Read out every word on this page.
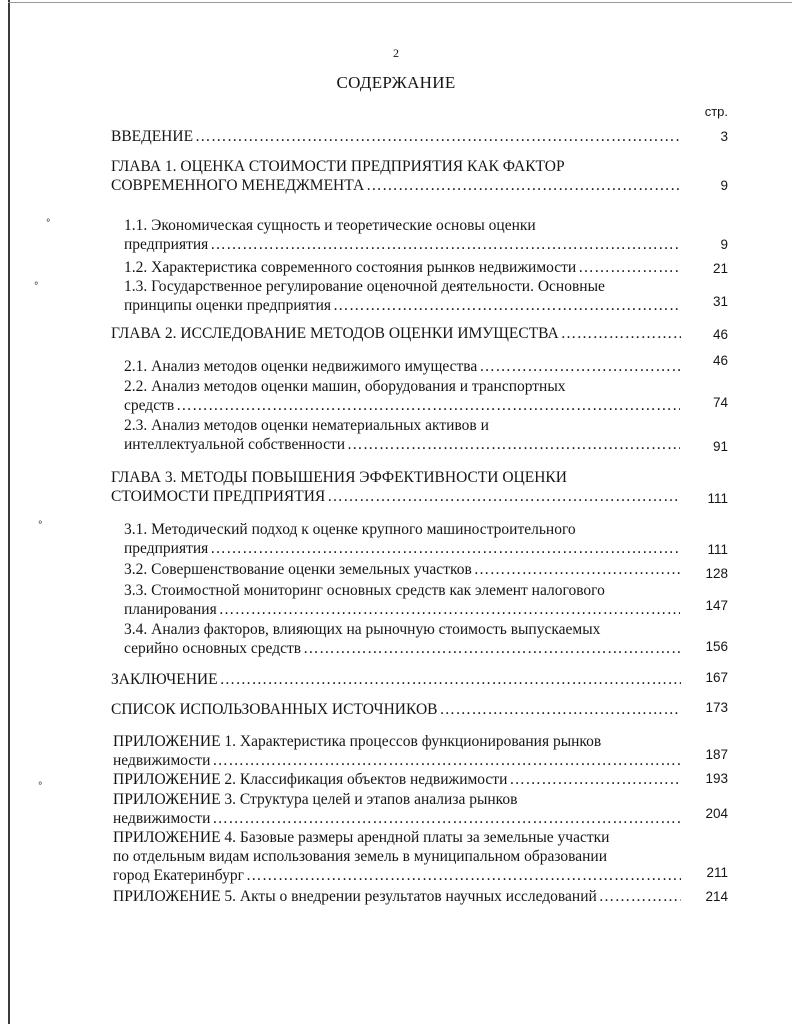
ᐤ
ᐤ
ᐤ
ᐤ
2
СОДЕРЖАНИЕ
стр.
ВВЕДЕНИЕ ……………………………………………………………………………………………………………………………………………………	3
ГЛАВА 1. ОЦЕНКА СТОИМОСТИ ПРЕДПРИЯТИЯ КАК ФАКТОР
СОВРЕМЕННОГО МЕНЕДЖМЕНТА ……………………………………………………………………………………………………………………………………………………	9
1.1. Экономическая сущность и теоретические основы оценки
предприятия ……………………………………………………………………………………………………………………………………………………	9
1.2. Характеристика современного состояния рынков недвижимости ……………………………………………………………………………………………………………………………………………………	21
1.3. Государственное регулирование оценочной деятельности. Основные
принципы оценки предприятия ……………………………………………………………………………………………………………………………………………………	31
ГЛАВА 2. ИССЛЕДОВАНИЕ МЕТОДОВ ОЦЕНКИ ИМУЩЕСТВА ……………………………………………………………………………………………………………………………………………………	46
2.1. Анализ методов оценки недвижимого имущества ……………………………………………………………………………………………………………………………………………………	46
2.2. Анализ методов оценки машин, оборудования и транспортных
средств ……………………………………………………………………………………………………………………………………………………	74
2.3. Анализ методов оценки нематериальных активов и
интеллектуальной собственности ……………………………………………………………………………………………………………………………………………………	91
ГЛАВА 3. МЕТОДЫ ПОВЫШЕНИЯ ЭФФЕКТИВНОСТИ ОЦЕНКИ
СТОИМОСТИ ПРЕДПРИЯТИЯ ……………………………………………………………………………………………………………………………………………………	111
3.1. Методический подход к оценке крупного машиностроительного
предприятия ……………………………………………………………………………………………………………………………………………………	111
3.2. Совершенствование оценки земельных участков ……………………………………………………………………………………………………………………………………………………	128
3.3. Стоимостной мониторинг основных средств как элемент налогового
планирования ……………………………………………………………………………………………………………………………………………………	147
3.4. Анализ факторов, влияющих на рыночную стоимость выпускаемых
серийно основных средств ……………………………………………………………………………………………………………………………………………………	156
ЗАКЛЮЧЕНИЕ ……………………………………………………………………………………………………………………………………………………	167
СПИСОК ИСПОЛЬЗОВАННЫХ ИСТОЧНИКОВ ……………………………………………………………………………………………………………………………………………………	173
ПРИЛОЖЕНИЕ 1. Характеристика процессов функционирования рынков
недвижимости ……………………………………………………………………………………………………………………………………………………	187
ПРИЛОЖЕНИЕ 2. Классификация объектов недвижимости ……………………………………………………………………………………………………………………………………………………	193
ПРИЛОЖЕНИЕ 3. Структура целей и этапов анализа рынков
недвижимости ……………………………………………………………………………………………………………………………………………………	204
ПРИЛОЖЕНИЕ 4. Базовые размеры арендной платы за земельные участки
по отдельным видам использования земель в муниципальном образовании
город Екатеринбург ……………………………………………………………………………………………………………………………………………………	211
ПРИЛОЖЕНИЕ 5. Акты о внедрении результатов научных исследований ……………………………………………………………………………………………………………………………………………………	214
